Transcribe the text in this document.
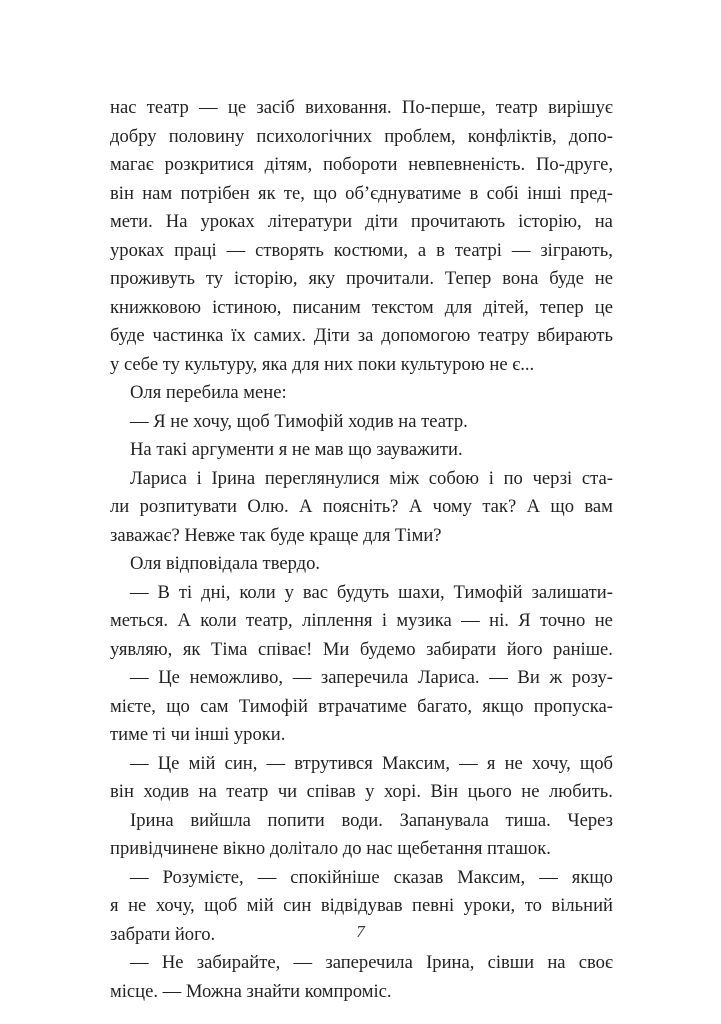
нас театр — це засіб виховання. По-перше, театр вирішує
добру половину психологічних проблем, конфліктів, допо-
магає розкритися дітям, побороти невпевненість. По-друге,
він нам потрібен як те, що об’єднуватиме в собі інші пред-
мети. На уроках літератури діти прочитають історію, на
уроках праці — створять костюми, а в театрі — зіграють,
проживуть ту історію, яку прочитали. Тепер вона буде не
книжковою істиною, писаним текстом для дітей, тепер це
буде частинка їх самих. Діти за допомогою театру вбирають
у себе ту культуру, яка для них поки культурою не є...
Оля перебила мене:
— Я не хочу, щоб Тимофій ходив на театр.
На такі аргументи я не мав що зауважити.
Лариса і Ірина переглянулися між собою і по черзі ста-
ли розпитувати Олю. А поясніть? А чому так? А що вам
заважає? Невже так буде краще для Тіми?
Оля відповідала твердо.
— В ті дні, коли у вас будуть шахи, Тимофій залишати-
меться. А коли театр, ліплення і музика — ні. Я точно не
уявляю, як Тіма співає! Ми будемо забирати його раніше.
— Це неможливо, — заперечила Лариса. — Ви ж розу-
мієте, що сам Тимофій втрачатиме багато, якщо пропуска-
тиме ті чи інші уроки.
— Це мій син, — втрутився Максим, — я не хочу, щоб
він ходив на театр чи співав у хорі. Він цього не любить.
Ірина вийшла попити води. Запанувала тиша. Через
привідчинене вікно долітало до нас щебетання пташок.
— Розумієте, — спокійніше сказав Максим, — якщо
я не хочу, щоб мій син відвідував певні уроки, то вільний
забрати його.
— Не забирайте, — заперечила Ірина, сівши на своє
місце. — Можна знайти компроміс.
7
